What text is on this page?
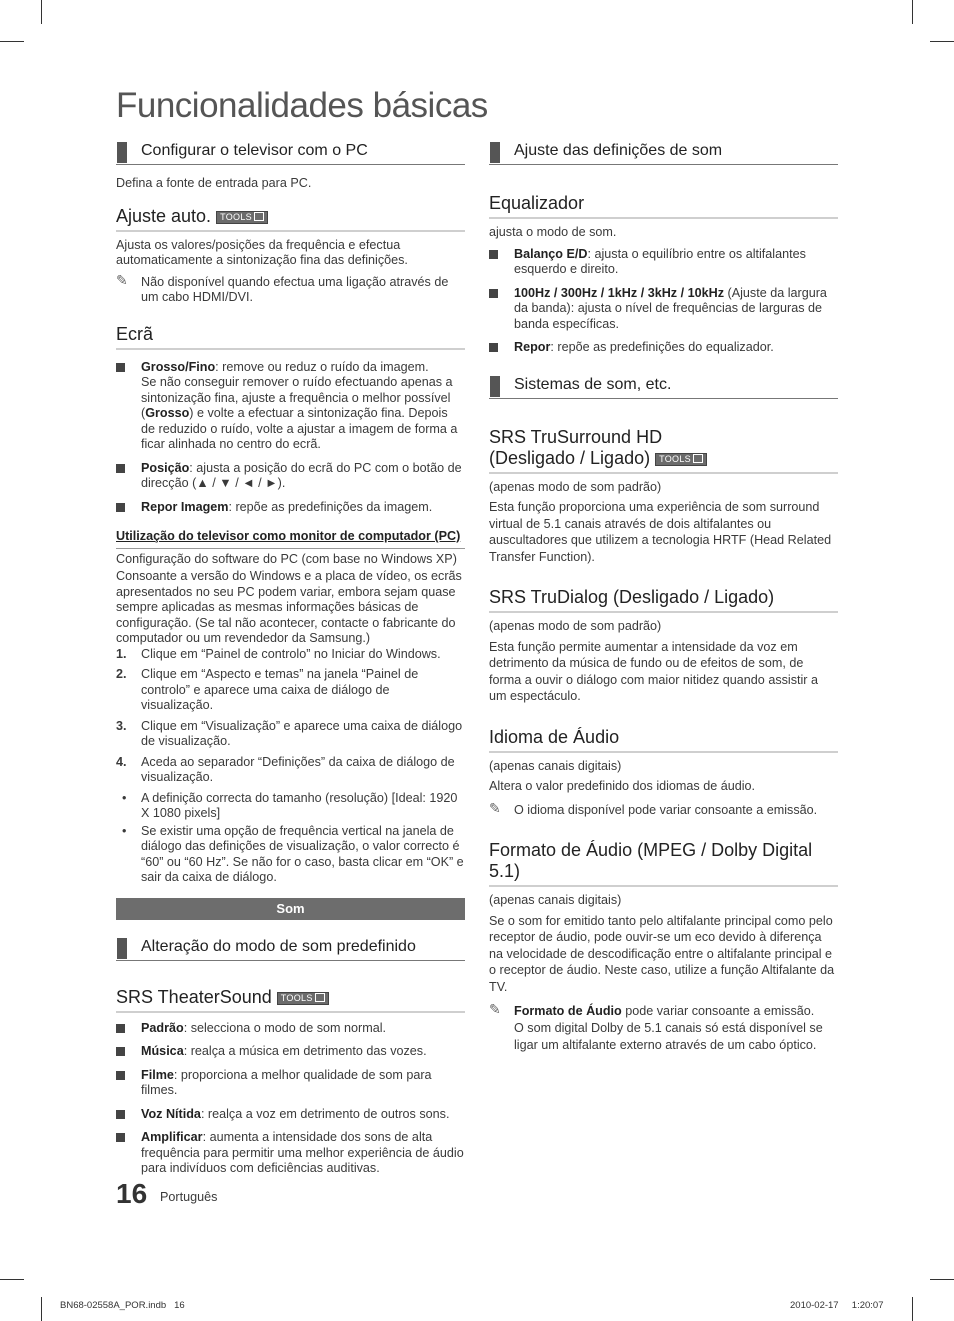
Funcionalidades básicas
Configurar o televisor com o PC

Defina a fonte de entrada para PC.

Ajuste auto. TOOLS

Ajusta os valores/posições da frequência e efectua automaticamente a sintonização fina das definições.

✎ Não disponível quando efectua uma ligação através de um cabo HDMI/DVI.
Ecrã
Grosso/Fino: remove ou reduz o ruído da imagem.
Se não conseguir remover o ruído efectuando apenas a sintonização fina, ajuste a frequência o melhor possível (Grosso) e volte a efectuar a sintonização fina. Depois de reduzido o ruído, volte a ajustar a imagem de forma a ficar alinhada no centro do ecrã.
Posição: ajusta a posição do ecrã do PC com o botão de direcção (▲ / ▼ / ◄ / ►).
Repor Imagem: repõe as predefinições da imagem.
Utilização do televisor como monitor de computador (PC)

Configuração do software do PC (com base no Windows XP)

Consoante a versão do Windows e a placa de vídeo, os ecrãs apresentados no seu PC podem variar, embora sejam quase sempre aplicadas as mesmas informações básicas de configuração. (Se tal não acontecer, contacte o fabricante do computador ou um revendedor da Samsung.)

1. Clique em “Painel de controlo” no Iniciar do Windows.
2. Clique em “Aspecto e temas” na janela “Painel de controlo” e aparece uma caixa de diálogo de visualização.
3. Clique em “Visualização” e aparece uma caixa de diálogo de visualização.
4. Aceda ao separador “Definições” da caixa de diálogo de visualização.
• A definição correcta do tamanho (resolução) [Ideal: 1920 X 1080 pixels]
• Se existir uma opção de frequência vertical na janela de diálogo das definições de visualização, o valor correcto é “60” ou “60 Hz”. Se não for o caso, basta clicar em “OK” e sair da caixa de diálogo.
Som
Alteração do modo de som predefinido
SRS TheaterSound TOOLS
Padrão: selecciona o modo de som normal.
Música: realça a música em detrimento das vozes.
Filme: proporciona a melhor qualidade de som para filmes.
Voz Nítida: realça a voz em detrimento de outros sons.
Amplificar: aumenta a intensidade dos sons de alta frequência para permitir uma melhor experiência de áudio para indivíduos com deficiências auditivas.
Ajuste das definições de som
Equalizador

ajusta o modo de som.

Balanço E/D: ajusta o equilíbrio entre os altifalantes esquerdo e direito.
100Hz / 300Hz / 1kHz / 3kHz / 10kHz (Ajuste da largura da banda): ajusta o nível de frequências de larguras de banda específicas.
Repor: repõe as predefinições do equalizador.
Sistemas de som, etc.
SRS TruSurround HD
(Desligado / Ligado) TOOLS

(apenas modo de som padrão)

Esta função proporciona uma experiência de som surround virtual de 5.1 canais através de dois altifalantes ou auscultadores que utilizem a tecnologia HRTF (Head Related Transfer Function).

SRS TruDialog (Desligado / Ligado)

(apenas modo de som padrão)

Esta função permite aumentar a intensidade da voz em detrimento da música de fundo ou de efeitos de som, de forma a ouvir o diálogo com maior nitidez quando assistir a um espectáculo.

Idioma de Áudio

(apenas canais digitais)

Altera o valor predefinido dos idiomas de áudio.

✎ O idioma disponível pode variar consoante a emissão.
Formato de Áudio (MPEG / Dolby Digital 5.1)

(apenas canais digitais)

Se o som for emitido tanto pelo altifalante principal como pelo receptor de áudio, pode ouvir-se um eco devido à diferença na velocidade de descodificação entre o altifalante principal e o receptor de áudio. Neste caso, utilize a função Altifalante da TV.

✎ Formato de Áudio pode variar consoante a emissão.
O som digital Dolby de 5.1 canais só está disponível se ligar um altifalante externo através de um cabo óptico.
16 Português
BN68-02558A_POR.indb   16	2010-02-17     1:20:07
